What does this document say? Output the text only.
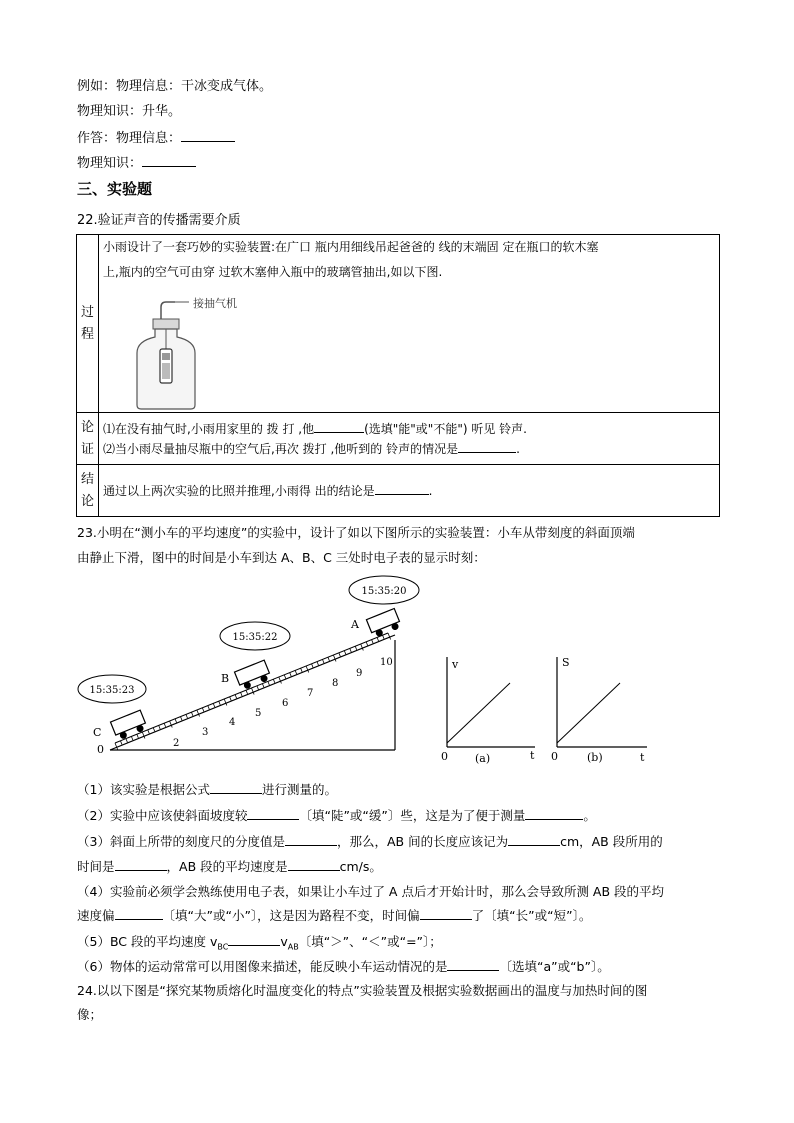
例如：物理信息：干冰变成气体。
物理知识：升华。
作答：物理信息：
物理知识：
三、实验题
22.验证声音的传播需要介质
过程	小雨设计了一套巧妙的实验装置:在广口 瓶内用细线吊起爸爸的 线的末端固 定在瓶口的软木塞
上,瓶内的空气可由穿 过软木塞伸入瓶中的玻璃管抽出,如以下图.
接抽气机

论证	⑴在没有抽气时,小雨用家里的 拨 打 ,他 (选填"能"或"不能") 听见 铃声.
⑵当小雨尽量抽尽瓶中的空气后,再次 拨打 ,他听到的 铃声的情况是 .

结论	通过以上两次实验的比照并推理,小雨得 出的结论是 .
23.小明在“测小车的平均速度”的实验中，设计了如以下图所示的实验装置：小车从带刻度的斜面顶端
由静止下滑，图中的时间是小车到达 A、B、C 三处时电子表的显示时刻：
2
3
4
5
6
7
8
9
10
0
C
15:35:23
B
15:35:22
A
15:35:20
v
t
0 (a)
S
t
0	(b)
（1）该实验是根据公式	进行测量的。
（2）实验中应该使斜面坡度较	〔填“陡”或“缓”〕些，这是为了便于测量	。
（3）斜面上所带的刻度尺的分度值是	，那么，AB 间的长度应该记为	cm，AB 段所用的
时间是	，AB 段的平均速度是	cm/s。
（4）实验前必须学会熟练使用电子表，如果让小车过了 A 点后才开始计时，那么会导致所测 AB 段的平均
速度偏	〔填“大”或“小”〕，这是因为路程不变，时间偏	了〔填“长”或“短”〕。
（5）BC 段的平均速度 $v_{BC}$	$v_{AB}$〔填“＞”、“＜”或“=”〕；
（6）物体的运动常常可以用图像来描述，能反映小车运动情况的是	〔选填“a”或“b”〕。
24.以以下图是“探究某物质熔化时温度变化的特点”实验装置及根据实验数据画出的温度与加热时间的图
像；
